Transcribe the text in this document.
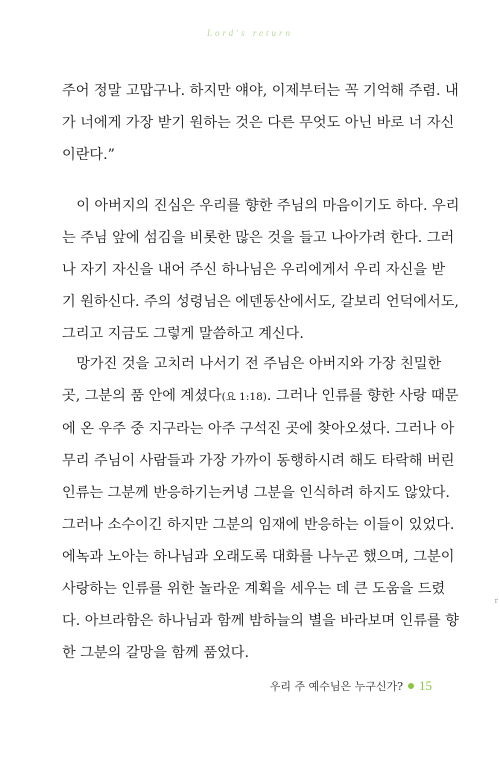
Lord's return
주어 정말 고맙구나. 하지만 얘야, 이제부터는 꼭 기억해 주렴. 내
가 너에게 가장 받기 원하는 것은 다른 무엇도 아닌 바로 너 자신
이란다.”
　이 아버지의 진심은 우리를 향한 주님의 마음이기도 하다. 우리
는 주님 앞에 섬김을 비롯한 많은 것을 들고 나아가려 한다. 그러
나 자기 자신을 내어 주신 하나님은 우리에게서 우리 자신을 받
기 원하신다. 주의 성령님은 에덴동산에서도, 갈보리 언덕에서도,
그리고 지금도 그렇게 말씀하고 계신다.
　망가진 것을 고치러 나서기 전 주님은 아버지와 가장 친밀한
곳, 그분의 품 안에 계셨다(요 1:18). 그러나 인류를 향한 사랑 때문
에 온 우주 중 지구라는 아주 구석진 곳에 찾아오셨다. 그러나 아
무리 주님이 사람들과 가장 가까이 동행하시려 해도 타락해 버린
인류는 그분께 반응하기는커녕 그분을 인식하려 하지도 않았다.
그러나 소수이긴 하지만 그분의 임재에 반응하는 이들이 있었다.
에녹과 노아는 하나님과 오래도록 대화를 나누곤 했으며, 그분이
사랑하는 인류를 위한 놀라운 계획을 세우는 데 큰 도움을 드렸
다. 아브라함은 하나님과 함께 밤하늘의 별을 바라보며 인류를 향
한 그분의 갈망을 함께 품었다.
우리 주 예수님은 누구신가? 15
r
